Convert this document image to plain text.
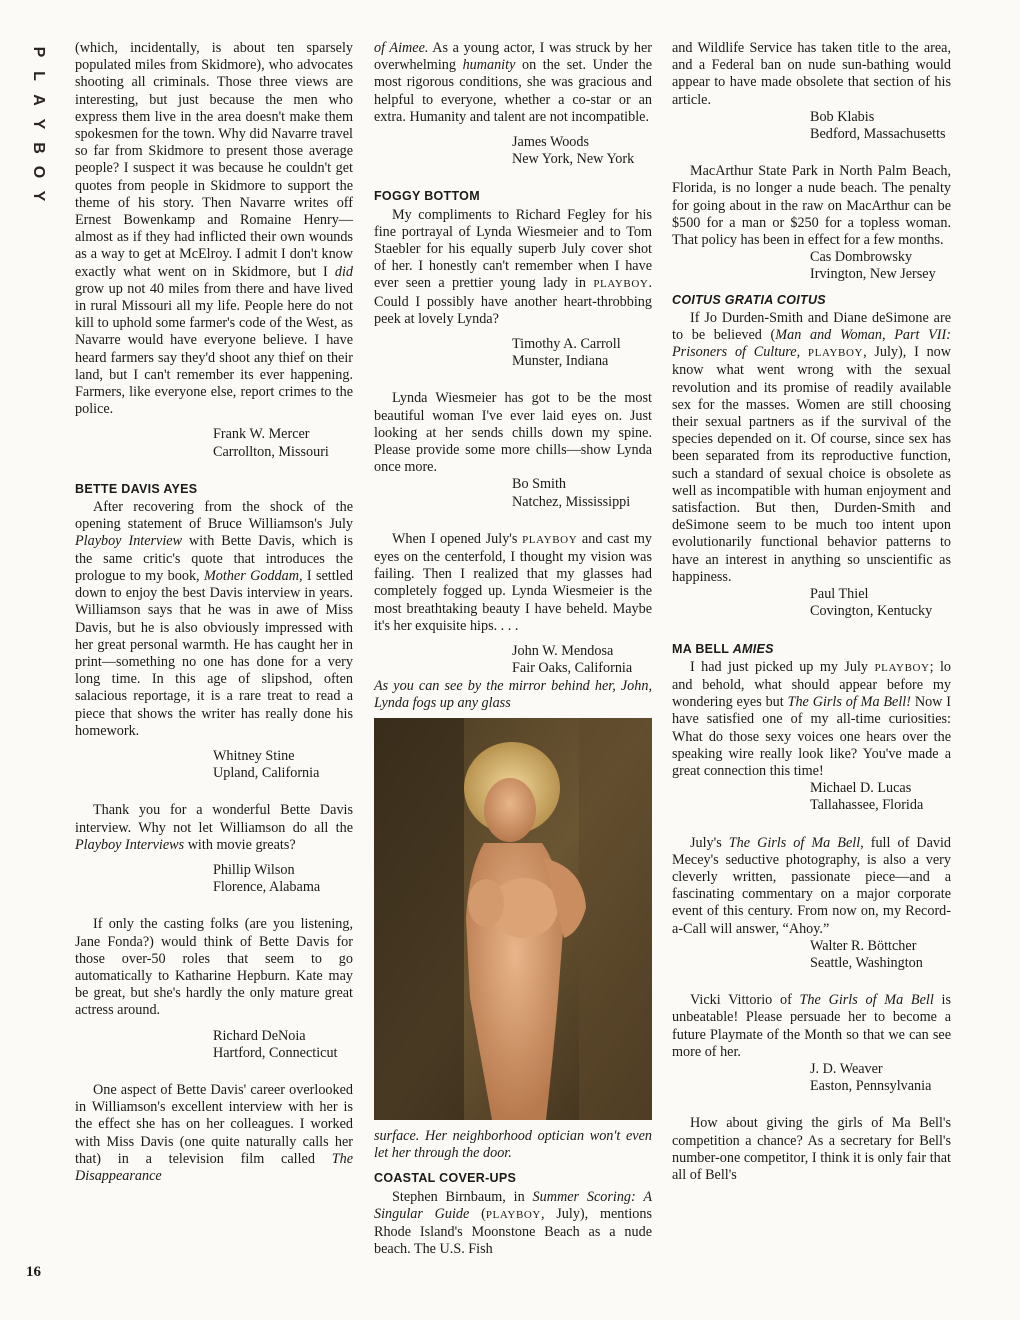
P
L
A
Y
B
O
Y
16

(which, incidentally, is about ten sparsely populated miles from Skidmore), who advocates shooting all criminals. Those three views are interesting, but just because the men who express them live in the area doesn't make them spokesmen for the town. Why did Navarre travel so far from Skidmore to present those average people? I suspect it was because he couldn't get quotes from people in Skidmore to support the theme of his story. Then Navarre writes off Ernest Bowenkamp and Romaine Henry—almost as if they had inflicted their own wounds as a way to get at McElroy. I admit I don't know exactly what went on in Skidmore, but I did grow up not 40 miles from there and have lived in rural Missouri all my life. People here do not kill to uphold some farmer's code of the West, as Navarre would have everyone believe. I have heard farmers say they'd shoot any thief on their land, but I can't remember its ever happening. Farmers, like everyone else, report crimes to the police.

Frank W. Mercer
Carrollton, Missouri
BETTE DAVIS AYES

After recovering from the shock of the opening statement of Bruce Williamson's July Playboy Interview with Bette Davis, which is the same critic's quote that introduces the prologue to my book, Mother Goddam, I settled down to enjoy the best Davis interview in years. Williamson says that he was in awe of Miss Davis, but he is also obviously impressed with her great personal warmth. He has caught her in print—something no one has done for a very long time. In this age of slipshod, often salacious reportage, it is a rare treat to read a piece that shows the writer has really done his homework.

Whitney Stine
Upland, California

Thank you for a wonderful Bette Davis interview. Why not let Williamson do all the Playboy Interviews with movie greats?

Phillip Wilson
Florence, Alabama

If only the casting folks (are you listening, Jane Fonda?) would think of Bette Davis for those over-50 roles that seem to go automatically to Katharine Hepburn. Kate may be great, but she's hardly the only mature great actress around.

Richard DeNoia
Hartford, Connecticut

One aspect of Bette Davis' career overlooked in Williamson's excellent interview with her is the effect she has on her colleagues. I worked with Miss Davis (one quite naturally calls her that) in a television film called The Disappearance

of Aimee. As a young actor, I was struck by her overwhelming humanity on the set. Under the most rigorous conditions, she was gracious and helpful to everyone, whether a co-star or an extra. Humanity and talent are not incompatible.

James Woods
New York, New York
FOGGY BOTTOM

My compliments to Richard Fegley for his fine portrayal of Lynda Wiesmeier and to Tom Staebler for his equally superb July cover shot of her. I honestly can't remember when I have ever seen a prettier young lady in PLAYBOY. Could I possibly have another heart-throbbing peek at lovely Lynda?

Timothy A. Carroll
Munster, Indiana

Lynda Wiesmeier has got to be the most beautiful woman I've ever laid eyes on. Just looking at her sends chills down my spine. Please provide some more chills—show Lynda once more.

Bo Smith
Natchez, Mississippi

When I opened July's PLAYBOY and cast my eyes on the centerfold, I thought my vision was failing. Then I realized that my glasses had completely fogged up. Lynda Wiesmeier is the most breathtaking beauty I have beheld. Maybe it's her exquisite hips. . . .

John W. Mendosa
Fair Oaks, California

As you can see by the mirror behind her, John, Lynda fogs up any glass

surface. Her neighborhood optician won't even let her through the door.

COASTAL COVER-UPS

Stephen Birnbaum, in Summer Scoring: A Singular Guide (PLAYBOY, July), mentions Rhode Island's Moonstone Beach as a nude beach. The U.S. Fish

and Wildlife Service has taken title to the area, and a Federal ban on nude sun-bathing would appear to have made obsolete that section of his article.

Bob Klabis
Bedford, Massachusetts

MacArthur State Park in North Palm Beach, Florida, is no longer a nude beach. The penalty for going about in the raw on MacArthur can be $500 for a man or $250 for a topless woman. That policy has been in effect for a few months.

Cas Dombrowsky
Irvington, New Jersey
COITUS GRATIA COITUS

If Jo Durden-Smith and Diane deSimone are to be believed (Man and Woman, Part VII: Prisoners of Culture, PLAYBOY, July), I now know what went wrong with the sexual revolution and its promise of readily available sex for the masses. Women are still choosing their sexual partners as if the survival of the species depended on it. Of course, since sex has been separated from its reproductive function, such a standard of sexual choice is obsolete as well as incompatible with human enjoyment and satisfaction. But then, Durden-Smith and deSimone seem to be much too intent upon evolutionarily functional behavior patterns to have an interest in anything so unscientific as happiness.

Paul Thiel
Covington, Kentucky
MA BELL AMIES

I had just picked up my July PLAYBOY; lo and behold, what should appear before my wondering eyes but The Girls of Ma Bell! Now I have satisfied one of my all-time curiosities: What do those sexy voices one hears over the speaking wire really look like? You've made a great connection this time!

Michael D. Lucas
Tallahassee, Florida

July's The Girls of Ma Bell, full of David Mecey's seductive photography, is also a very cleverly written, passionate piece—and a fascinating commentary on a major corporate event of this century. From now on, my Record-a-Call will answer, “Ahoy.”

Walter R. Böttcher
Seattle, Washington

Vicki Vittorio of The Girls of Ma Bell is unbeatable! Please persuade her to become a future Playmate of the Month so that we can see more of her.

J. D. Weaver
Easton, Pennsylvania

How about giving the girls of Ma Bell's competition a chance? As a secretary for Bell's number-one competitor, I think it is only fair that all of Bell's
